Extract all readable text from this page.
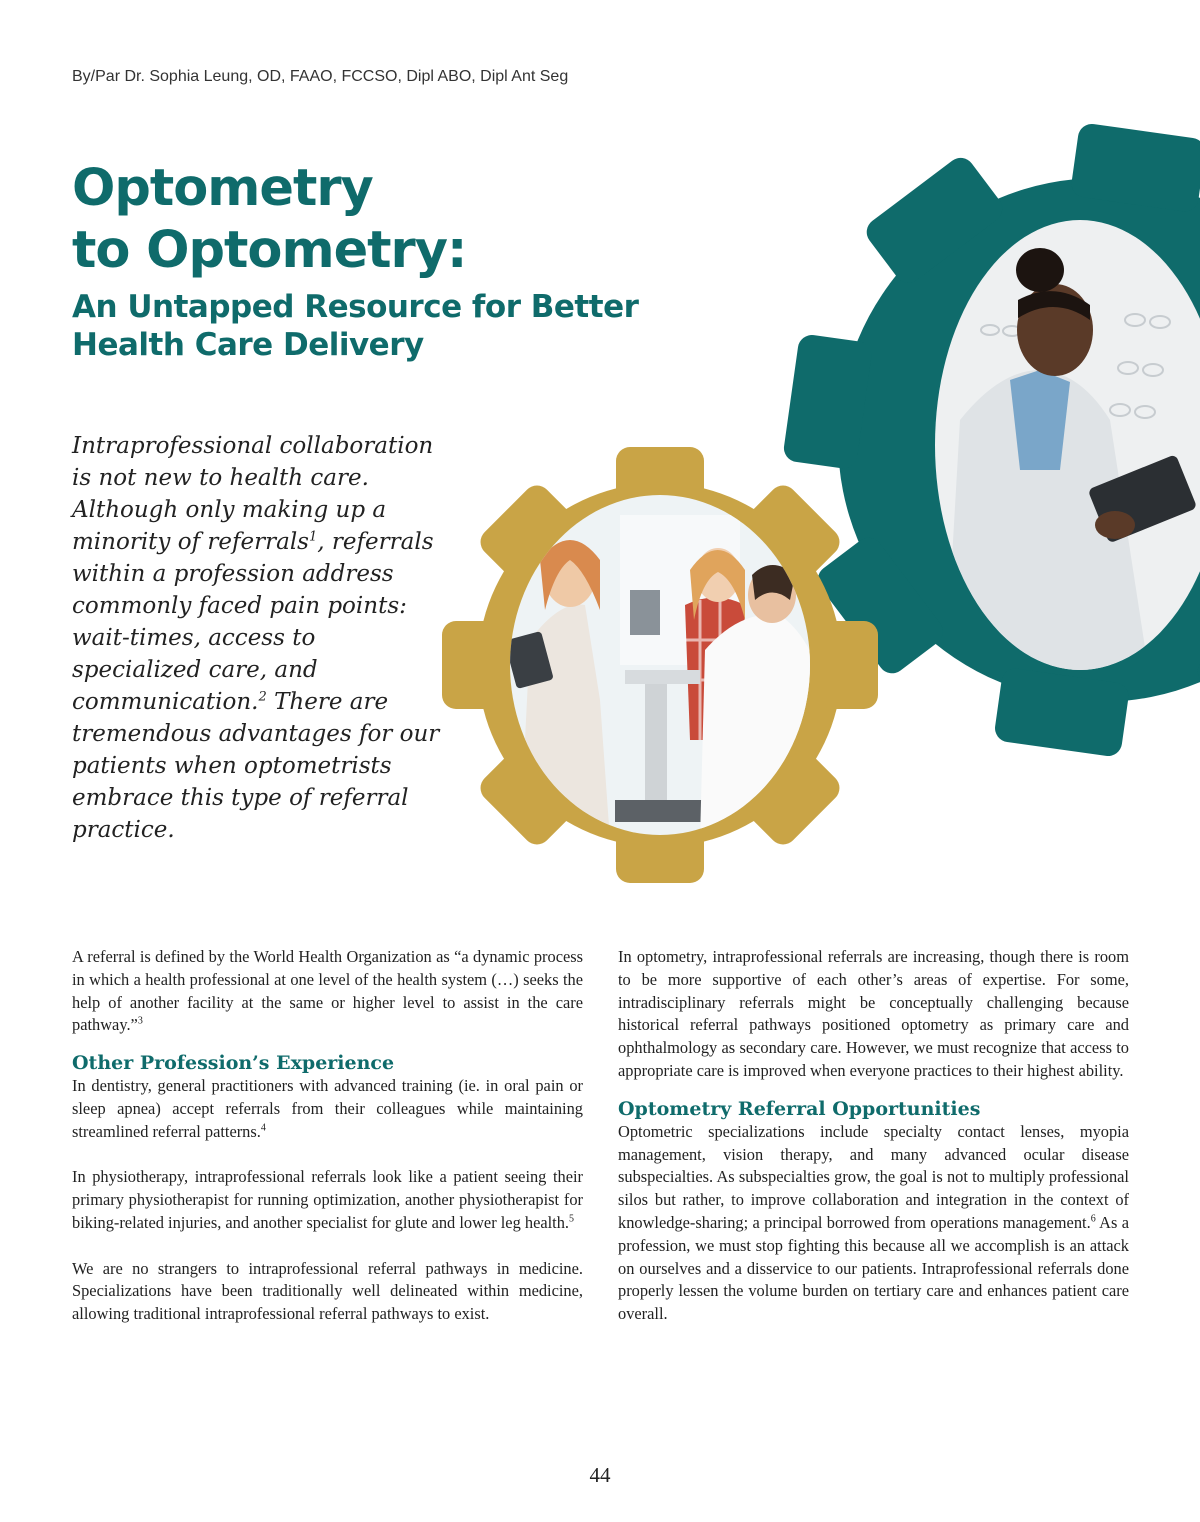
By/Par Dr. Sophia Leung, OD, FAAO, FCCSO, Dipl ABO, Dipl Ant Seg
Optometry
to Optometry:
An Untapped Resource for Better
Health Care Delivery

Intraprofessional collaboration is not new to health care. Although only making up a minority of referrals$^1$, referrals within a profession address commonly faced pain points: wait-times, access to specialized care, and communication.$^2$ There are tremendous advantages for our patients when optometrists embrace this type of referral practice.

A referral is defined by the World Health Organization as “a dynamic process in which a health professional at one level of the health system (…) seeks the help of another facility at the same or higher level to assist in the care pathway.”$^3$

Other Profession’s Experience

In dentistry, general practitioners with advanced training (ie. in oral pain or sleep apnea) accept referrals from their colleagues while maintaining streamlined referral patterns.$^4$

In physiotherapy, intraprofessional referrals look like a patient seeing their primary physiotherapist for running optimization, another physiotherapist for biking-related injuries, and another specialist for glute and lower leg health.$^5$

We are no strangers to intraprofessional referral pathways in medicine. Specializations have been traditionally well delineated within medicine, allowing traditional intraprofessional referral pathways to exist.

In optometry, intraprofessional referrals are increasing, though there is room to be more supportive of each other’s areas of expertise. For some, intradisciplinary referrals might be conceptually challenging because historical referral pathways positioned optometry as primary care and ophthalmology as secondary care. However, we must recognize that access to appropriate care is improved when everyone practices to their highest ability.

Optometry Referral Opportunities

Optometric specializations include specialty contact lenses, myopia management, vision therapy, and many advanced ocular disease subspecialties. As subspecialties grow, the goal is not to multiply professional silos but rather, to improve collaboration and integration in the context of knowledge-sharing; a principal borrowed from operations management.$^6$ As a profession, we must stop fighting this because all we accomplish is an attack on ourselves and a disservice to our patients. Intraprofessional referrals done properly lessen the volume burden on tertiary care and enhances patient care overall.

44
